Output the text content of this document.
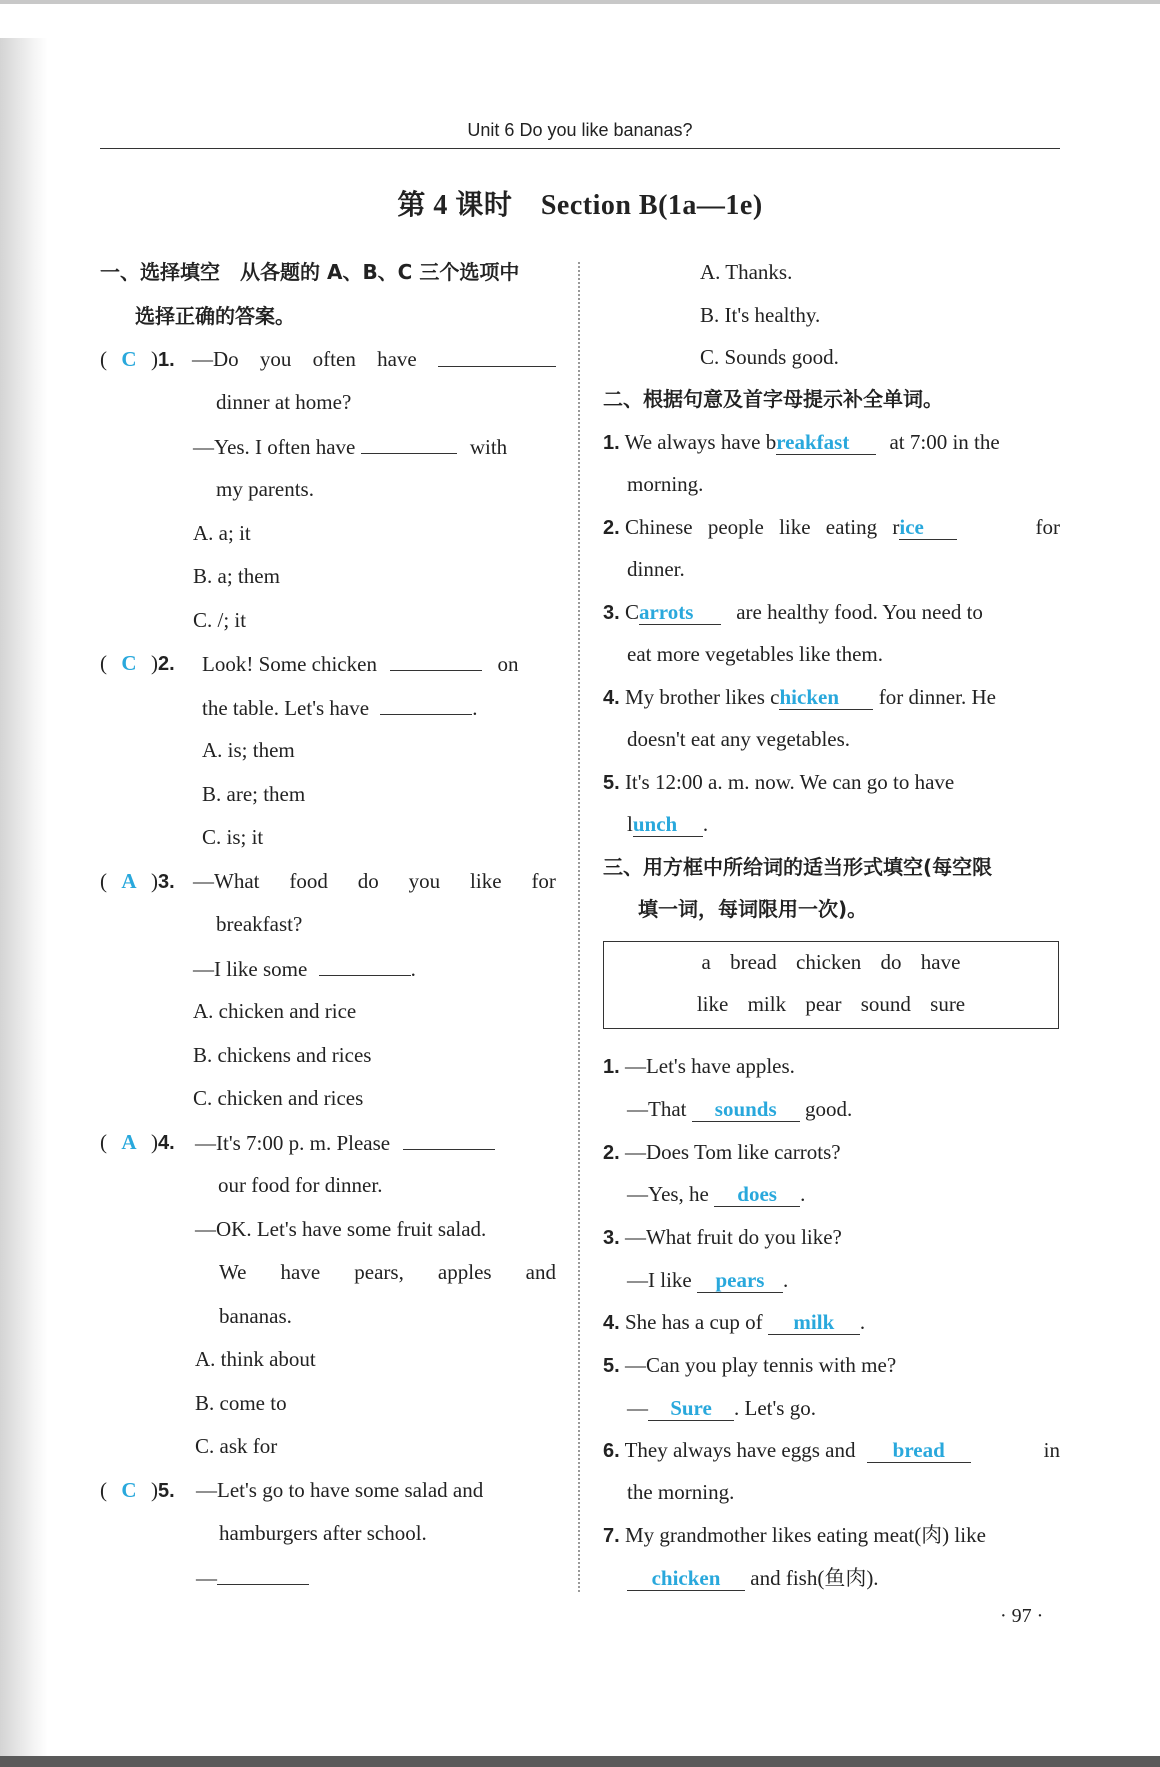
Unit 6 Do you like bananas?
第 4 课时　Section B(1a—1e)
一、选择填空　从各题的 A、B、C 三个选项中
选择正确的答案。
( C )1. —Do you often have
dinner at home?
—Yes. I often have	with
my parents.
A. a; it
B. a; them
C. /; it
( C )2. Look! Some chicken	on
the table. Let's have	.
A. is; them
B. are; them
C. is; it
( A )3. —What food do you like for
breakfast?
—I like some	.
A. chicken and rice
B. chickens and rices
C. chicken and rices
( A )4. —It's 7:00 p. m. Please
our food for dinner.
—OK. Let's have some fruit salad.
We have pears, apples and
bananas.
A. think about
B. come to
C. ask for
( C )5. —Let's go to have some salad and
hamburgers after school.
—
A. Thanks.
B. It's healthy.
C. Sounds good.
二、根据句意及首字母提示补全单词。
1. We always have breakfast at 7:00 in the
morning.
2. Chinese people like eating rice	for
dinner.
3. Carrots are healthy food. You need to
eat more vegetables like them.
4. My brother likes chicken for dinner. He
doesn't eat any vegetables.
5. It's 12:00 a. m. now. We can go to have
lunch .
三、用方框中所给词的适当形式填空(每空限
填一词，每词限用一次)。
a bread chicken do have
like milk pear sound sure
1. —Let's have apples.
—That sounds good.
2. —Does Tom like carrots?
—Yes, he does .
3. —What fruit do you like?
—I like pears .
4. She has a cup of milk .
5. —Can you play tennis with me?
— Sure . Let's go.
6. They always have eggs and bread	in
the morning.
7. My grandmother likes eating meat(肉) like
chicken and fish(鱼肉).
· 97 ·
